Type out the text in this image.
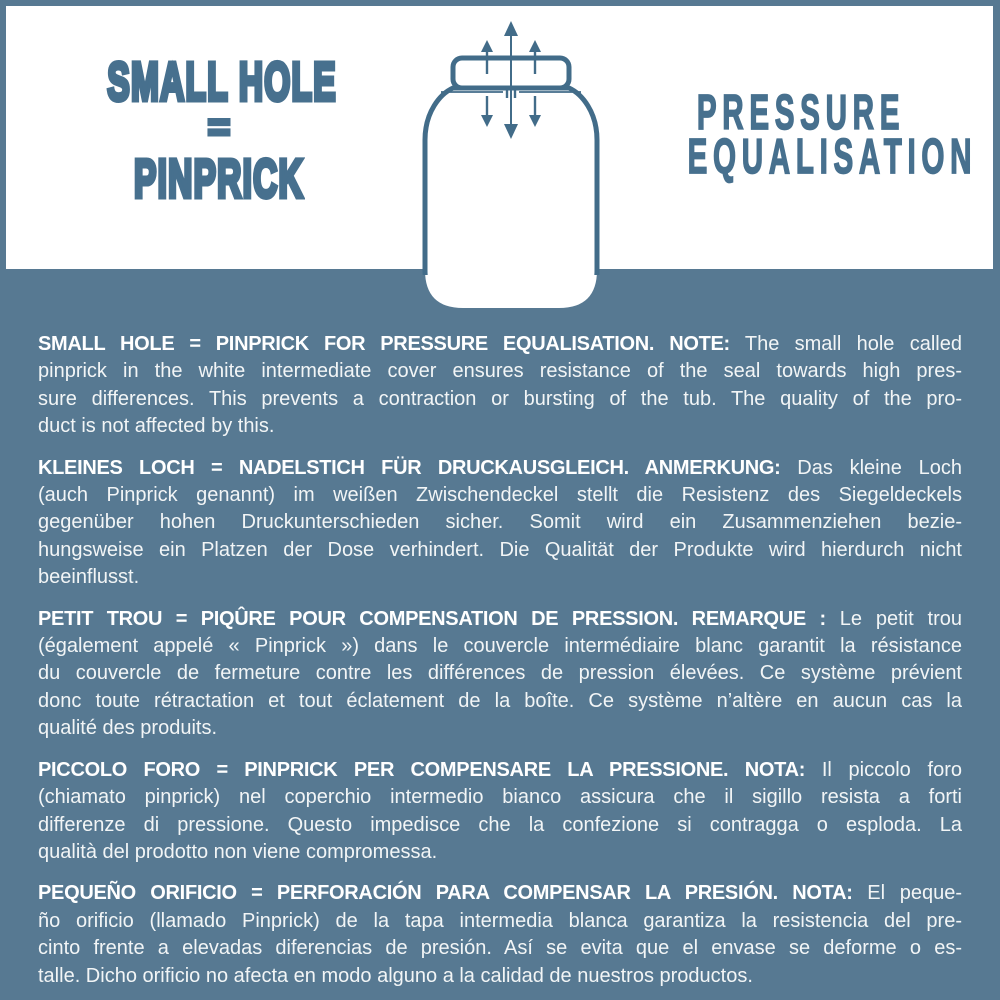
SMALL HOLE
=
PINPRICK
PRESSURE
EQUALISATION

SMALL HOLE = PINPRICK FOR PRESSURE EQUALISATION. NOTE: The small hole called
pinprick in the white intermediate cover ensures resistance of the seal towards high pres-
sure differences. This prevents a contraction or bursting of the tub. The quality of the pro-
duct is not affected by this.

KLEINES LOCH = NADELSTICH FÜR DRUCKAUSGLEICH. ANMERKUNG: Das kleine Loch
(auch Pinprick genannt) im weißen Zwischendeckel stellt die Resistenz des Siegeldeckels
gegenüber hohen Druckunterschieden sicher. Somit wird ein Zusammenziehen bezie-
hungsweise ein Platzen der Dose verhindert. Die Qualität der Produkte wird hierdurch nicht
beeinflusst.

PETIT TROU = PIQÛRE POUR COMPENSATION DE PRESSION. REMARQUE : Le petit trou
(également appelé « Pinprick ») dans le couvercle intermédiaire blanc garantit la résistance
du couvercle de fermeture contre les différences de pression élevées. Ce système prévient
donc toute rétractation et tout éclatement de la boîte. Ce système n’altère en aucun cas la
qualité des produits.

PICCOLO FORO = PINPRICK PER COMPENSARE LA PRESSIONE. NOTA: Il piccolo foro
(chiamato pinprick) nel coperchio intermedio bianco assicura che il sigillo resista a forti
differenze di pressione. Questo impedisce che la confezione si contragga o esploda. La
qualità del prodotto non viene compromessa.

PEQUEÑO ORIFICIO = PERFORACIÓN PARA COMPENSAR LA PRESIÓN. NOTA: El peque-
ño orificio (llamado Pinprick) de la tapa intermedia blanca garantiza la resistencia del pre-
cinto frente a elevadas diferencias de presión. Así se evita que el envase se deforme o es-
talle. Dicho orificio no afecta en modo alguno a la calidad de nuestros productos.
